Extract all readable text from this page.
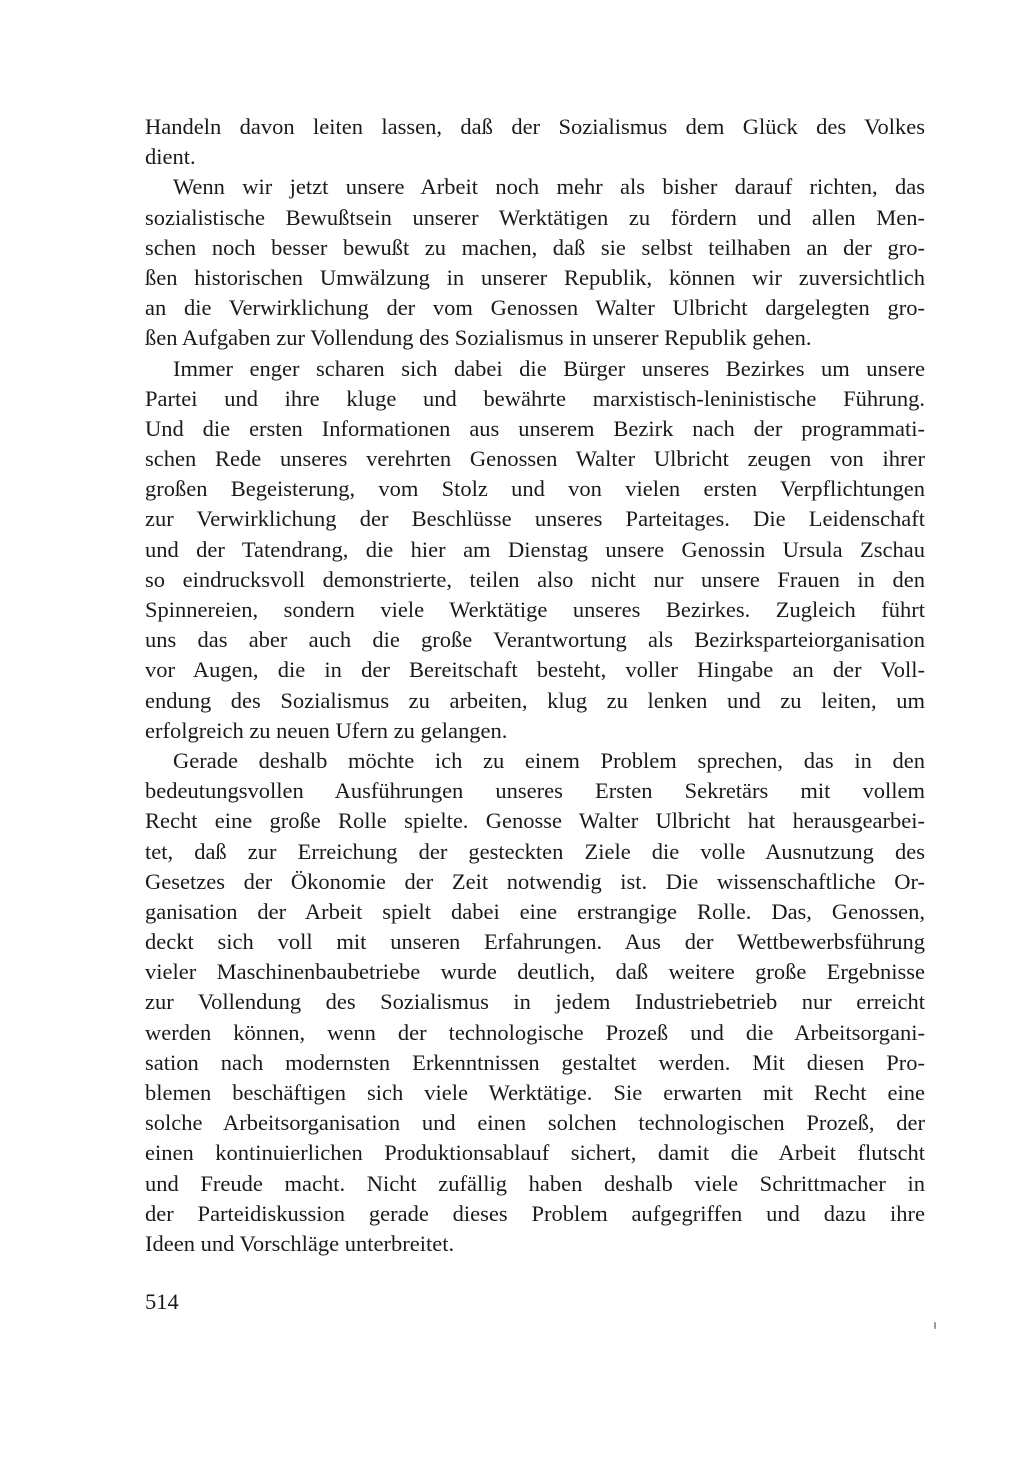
Handeln davon leiten lassen, daß der Sozialismus dem Glück des Volkes
dient.
Wenn wir jetzt unsere Arbeit noch mehr als bisher darauf richten, das
sozialistische Bewußtsein unserer Werktätigen zu fördern und allen Men-
schen noch besser bewußt zu machen, daß sie selbst teilhaben an der gro-
ßen historischen Umwälzung in unserer Republik, können wir zuversichtlich
an die Verwirklichung der vom Genossen Walter Ulbricht dargelegten gro-
ßen Aufgaben zur Vollendung des Sozialismus in unserer Republik gehen.
Immer enger scharen sich dabei die Bürger unseres Bezirkes um unsere
Partei und ihre kluge und bewährte marxistisch-leninistische Führung.
Und die ersten Informationen aus unserem Bezirk nach der programmati-
schen Rede unseres verehrten Genossen Walter Ulbricht zeugen von ihrer
großen Begeisterung, vom Stolz und von vielen ersten Verpflichtungen
zur Verwirklichung der Beschlüsse unseres Parteitages. Die Leidenschaft
und der Tatendrang, die hier am Dienstag unsere Genossin Ursula Zschau
so eindrucksvoll demonstrierte, teilen also nicht nur unsere Frauen in den
Spinnereien, sondern viele Werktätige unseres Bezirkes. Zugleich führt
uns das aber auch die große Verantwortung als Bezirksparteiorganisation
vor Augen, die in der Bereitschaft besteht, voller Hingabe an der Voll-
endung des Sozialismus zu arbeiten, klug zu lenken und zu leiten, um
erfolgreich zu neuen Ufern zu gelangen.
Gerade deshalb möchte ich zu einem Problem sprechen, das in den
bedeutungsvollen Ausführungen unseres Ersten Sekretärs mit vollem
Recht eine große Rolle spielte. Genosse Walter Ulbricht hat herausgearbei-
tet, daß zur Erreichung der gesteckten Ziele die volle Ausnutzung des
Gesetzes der Ökonomie der Zeit notwendig ist. Die wissenschaftliche Or-
ganisation der Arbeit spielt dabei eine erstrangige Rolle. Das, Genossen,
deckt sich voll mit unseren Erfahrungen. Aus der Wettbewerbsführung
vieler Maschinenbaubetriebe wurde deutlich, daß weitere große Ergebnisse
zur Vollendung des Sozialismus in jedem Industriebetrieb nur erreicht
werden können, wenn der technologische Prozeß und die Arbeitsorgani-
sation nach modernsten Erkenntnissen gestaltet werden. Mit diesen Pro-
blemen beschäftigen sich viele Werktätige. Sie erwarten mit Recht eine
solche Arbeitsorganisation und einen solchen technologischen Prozeß, der
einen kontinuierlichen Produktionsablauf sichert, damit die Arbeit flutscht
und Freude macht. Nicht zufällig haben deshalb viele Schrittmacher in
der Parteidiskussion gerade dieses Problem aufgegriffen und dazu ihre
Ideen und Vorschläge unterbreitet.
514
